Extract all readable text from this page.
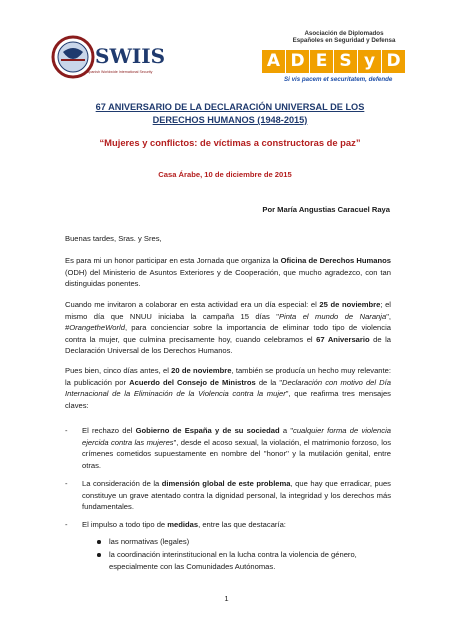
SWIIS
Spanish Worldwide International Security
Asociación de Diplomados
Españoles en Seguridad y Defensa
A D E S y D
Si vis pacem et securitatem, defende
67 ANIVERSARIO DE LA DECLARACIÓN UNIVERSAL DE LOS DERECHOS HUMANOS (1948-2015)
“Mujeres y conflictos: de víctimas a constructoras de paz”
Casa Árabe, 10 de diciembre de 2015
Por María Angustias Caracuel Raya
Buenas tardes, Sras. y Sres,
Es para mi un honor participar en esta Jornada que organiza la Oficina de Derechos Humanos (ODH) del Ministerio de Asuntos Exteriores y de Cooperación, que mucho agradezco, con tan distinguidas ponentes.
Cuando me invitaron a colaborar en esta actividad era un día especial: el 25 de noviembre; el mismo día que NNUU iniciaba la campaña 15 días "Pinta el mundo de Naranja", #OrangetheWorld, para concienciar sobre la importancia de eliminar todo tipo de violencia contra la mujer, que culmina precisamente hoy, cuando celebramos el 67 Aniversario de la Declaración Universal de los Derechos Humanos.
Pues bien, cinco días antes, el 20 de noviembre, también se producía un hecho muy relevante: la publicación por Acuerdo del Consejo de Ministros de la "Declaración con motivo del Día Internacional de la Eliminación de la Violencia contra la mujer", que reafirma tres mensajes claves:
-	El rechazo del Gobierno de España y de su sociedad a "cualquier forma de violencia ejercida contra las mujeres", desde el acoso sexual, la violación, el matrimonio forzoso, los crímenes cometidos supuestamente en nombre del ''honor'' y la mutilación genital, entre otras.
-	La consideración de la dimensión global de este problema, que hay que erradicar, pues constituye un grave atentado contra la dignidad personal, la integridad y los derechos más fundamentales.
-	El impulso a todo tipo de medidas, entre las que destacaría:
las normativas (legales)
la coordinación interinstitucional en la lucha contra la violencia de género, especialmente con las Comunidades Autónomas.
1
